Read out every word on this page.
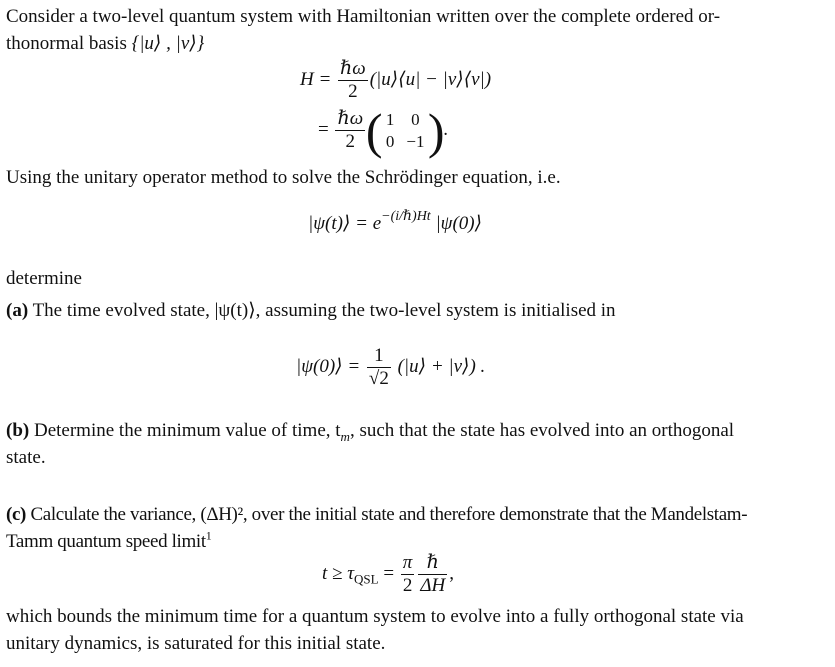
Consider a two-level quantum system with Hamiltonian written over the complete ordered or-
thonormal basis {|u⟩ , |v⟩}

$H = \frac{\text{ℏω}}{2}$ (|u⟩⟨u| − |v⟩⟨v|)
= $\frac{\text{ℏω}}{2}$
( 1	0
0	−1 )
.

Using the unitary operator method to solve the Schrödinger equation, i.e.

|ψ(t)⟩ = $e^{-(i/\hbar)Ht}$ |ψ(0)⟩

determine

(a) The time evolved state, |ψ(t)⟩, assuming the two-level system is initialised in

|ψ(0)⟩ = $\frac{1}{√2}$ (|u⟩ + |v⟩) .

(b) Determine the minimum value of time, $t_m$, such that the state has evolved into an orthogonal
state.

(c) Calculate the variance, (ΔH)², over the initial state and therefore demonstrate that the Mandelstam-
Tamm quantum speed limit$^1$

$t \ge \tau_{QSL} = \frac{\pi}{2} \frac{\text{ℏ}}{\Delta H}$ ,

which bounds the minimum time for a quantum system to evolve into a fully orthogonal state via
unitary dynamics, is saturated for this initial state.
